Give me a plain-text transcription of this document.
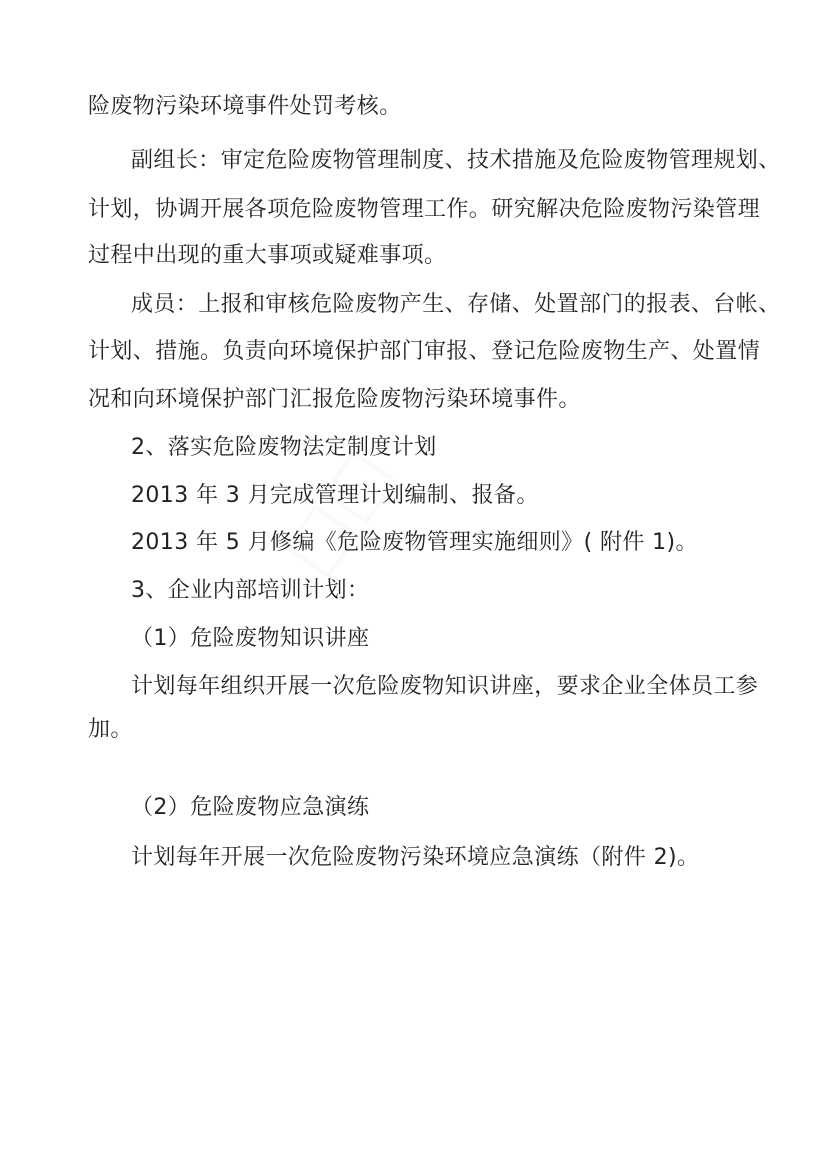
险废物污染环境事件处罚考核。
副组长：审定危险废物管理制度、技术措施及危险废物管理规划、
计划，协调开展各项危险废物管理工作。研究解决危险废物污染管理
过程中出现的重大事项或疑难事项。
成员：上报和审核危险废物产生、存储、处置部门的报表、台帐、
计划、措施。负责向环境保护部门审报、登记危险废物生产、处置情
况和向环境保护部门汇报危险废物污染环境事件。
2、落实危险废物法定制度计划
2013 年 3 月完成管理计划编制、报备。
2013 年 5 月修编《危险废物管理实施细则》( 附件 1)。
3、企业内部培训计划：
（1）危险废物知识讲座
计划每年组织开展一次危险废物知识讲座，要求企业全体员工参
加。
（2）危险废物应急演练
计划每年开展一次危险废物污染环境应急演练（附件 2)。
